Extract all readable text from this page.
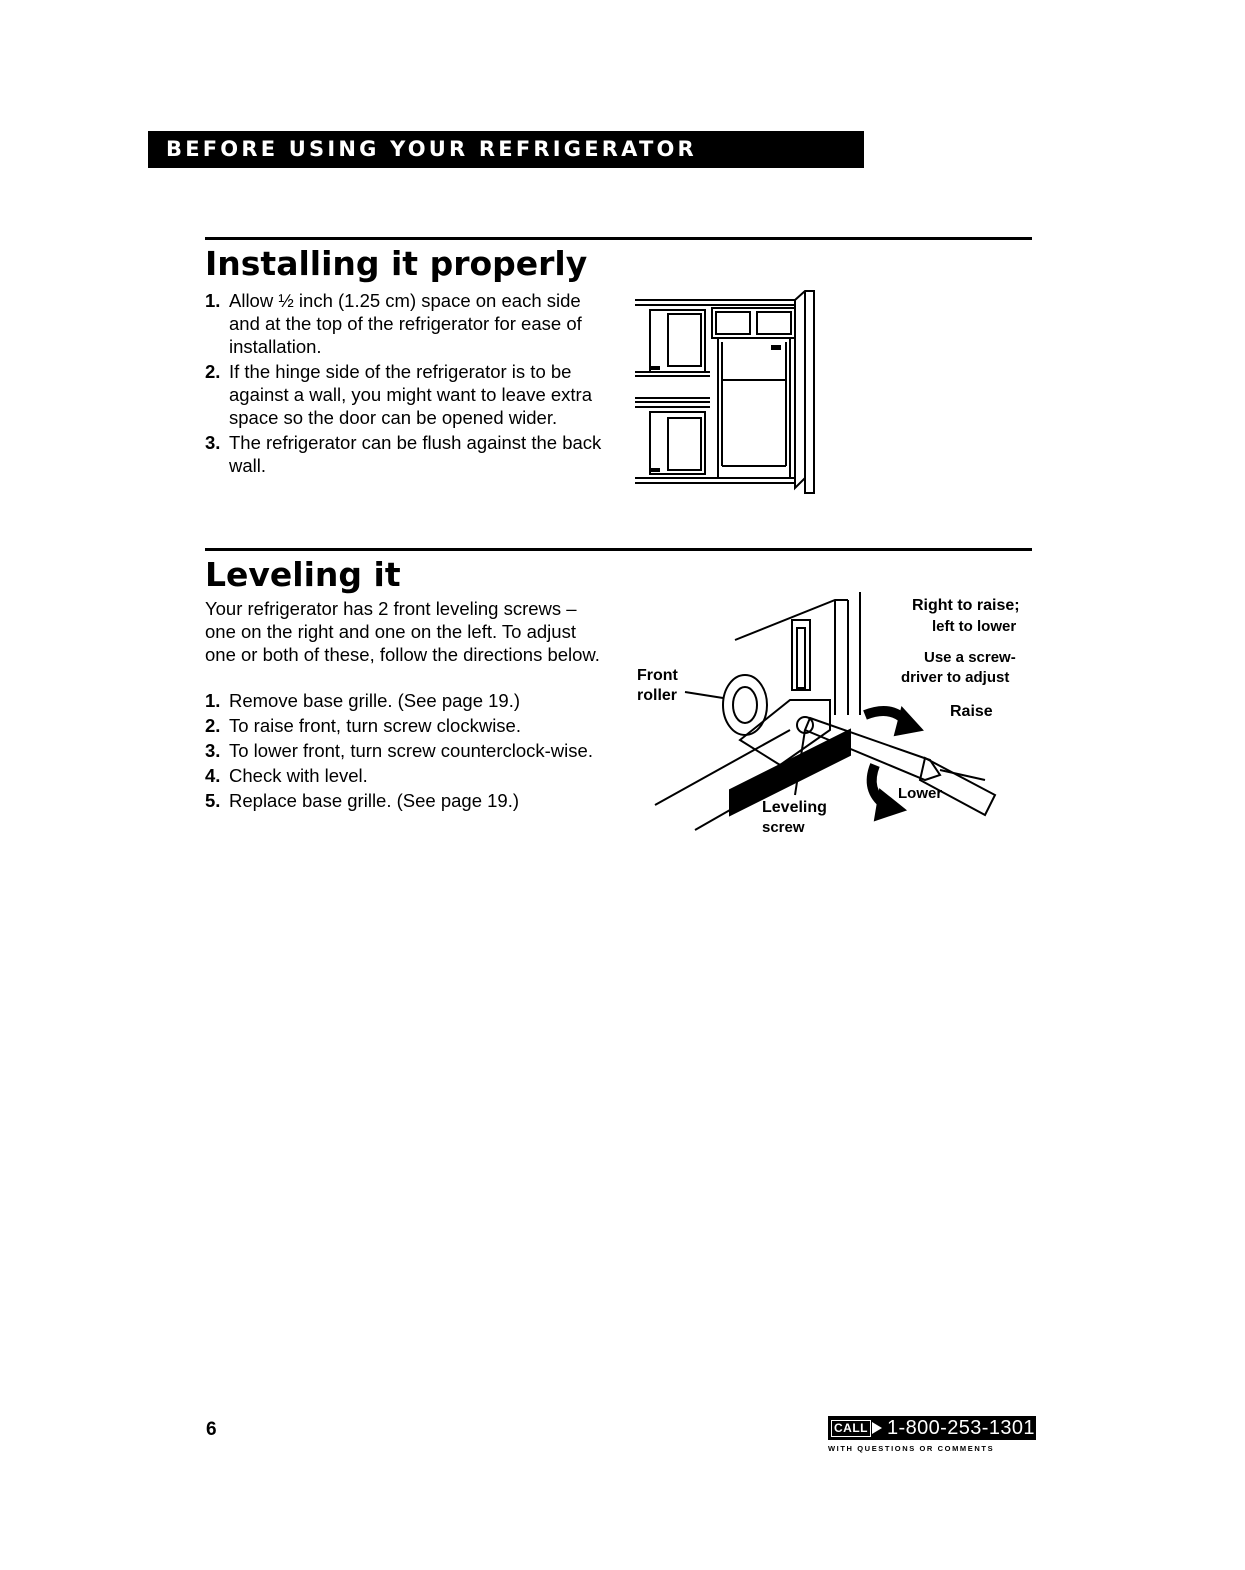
BEFORE USING YOUR REFRIGERATOR
Installing it properly
1. Allow ½ inch (1.25 cm) space on each side and at the top of the refrigerator for ease of installation.
2. If the hinge side of the refrigerator is to be against a wall, you might want to leave extra space so the door can be opened wider.
3. The refrigerator can be flush against the back wall.
Leveling it

Your refrigerator has 2 front leveling screws – one on the right and one on the left. To adjust one or both of these, follow the directions below.

1. Remove base grille. (See page 19.)
2. To raise front, turn screw clockwise.
3. To lower front, turn screw counterclock-wise.
4. Check with level.
5. Replace base grille. (See page 19.)
Right to raise;
left to lower
Use a screw-
driver to adjust
Raise
Lower
Front
roller
Leveling
screw
6	CALL 1-800-253-1301
WITH QUESTIONS OR COMMENTS
